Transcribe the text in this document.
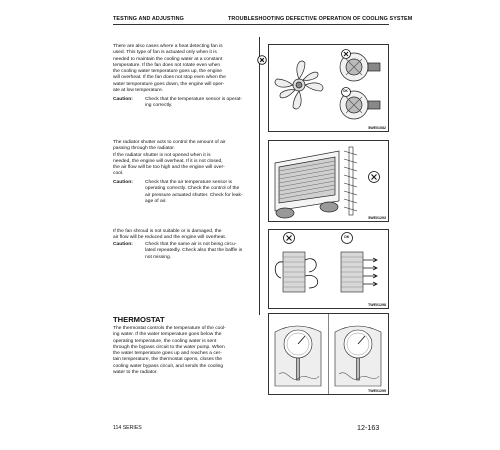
TESTING AND ADJUSTING	TROUBLESHOOTING DEFECTIVE OPERATION OF COOLING SYSTEM
There are also cases where a heat detecting fan is
used. This type of fan is actuated only when it is
needed to maintain the cooling water at a constant
temperature. If the fan does not rotate even when
the cooling water temperature goes up, the engine
will overheat. If the fan does not stop even when the
water temperature goes down, the engine will oper-
ate at low temperature.
Caution: Check that the temperature sensor is operat-
ing correctly.
OK
5WE01082
The radiator shutter acts to control the amount of air
passing through the radiator.
If the radiator shutter is not opened when it is
needed, the engine will overheat. If it is not closed,
the air flow will be too high and the engine will over-
cool.
Caution: Check that the air temperature sensor is
operating correctly. Check the control of the
air pressure actuated shutter. Check for leak-
age of air.
5WE01293
If the fan shroud is not suitable or is damaged, the
air flow will be reduced and the engine will overheat.
Caution: Check that the same air is not being circu-
lated repeatedly. Check also that the baffle is
not missing.
OK
TWE01298
THERMOSTAT
The thermostat controls the temperature of the cool-
ing water. If the water temperature goes below the
operating temperature, the cooling water is sent
through the bypass circuit to the water pump. When
the water temperature goes up and reaches a cer-
tain temperature, the thermostat opens, closes the
cooling water bypass circuit, and sends the cooling
water to the radiator.
TWE01299
114 SERIES	12-163
